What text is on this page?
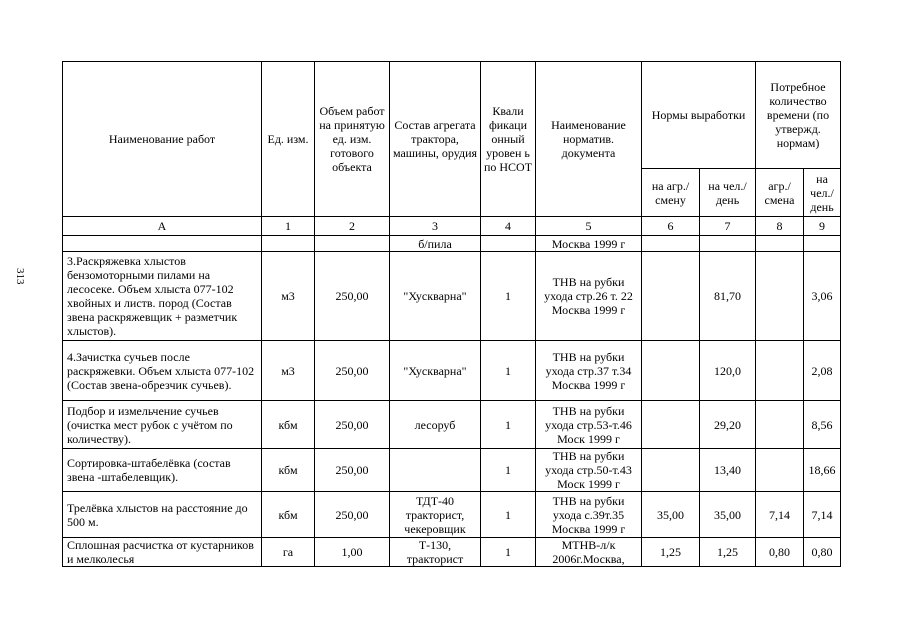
313
Наименование работ	Ед. изм.	Объем работ на принятую ед. изм. готового объекта	Состав агрегата трактора, машины, орудия	Квали фикаци онный уровен ь по НСОТ	Наименование норматив. документа	Нормы выработки		Потребное количество времени (по утвержд. нормам)	
						на агр./ смену	на чел./ день	агр./ смена	на чел./ день
А	1	2	3	4	5	6	7	8	9
			б/пила		Москва 1999 г				
3.Раскряжевка хлыстов бензомоторными пилами на лесосеке. Объем хлыста 077-102 хвойных и листв. пород (Состав звена раскряжевщик + разметчик хлыстов).	м3	250,00	"Хускварна"	1	ТНВ на рубки ухода стр.26 т. 22 Москва 1999 г		81,70		3,06
4.Зачистка сучьев после раскряжевки. Объем хлыста 077-102 (Состав звена-обрезчик сучьев).	м3	250,00	"Хускварна"	1	ТНВ на рубки ухода стр.37 т.34 Москва 1999 г		120,0		2,08
Подбор и измельчение сучьев (очистка мест рубок с учётом по количеству).	кбм	250,00	лесоруб	1	ТНВ на рубки ухода стр.53-т.46 Моск 1999 г		29,20		8,56
Сортировка-штабелёвка (состав звена -штабелевщик).	кбм	250,00		1	ТНВ на рубки ухода стр.50-т.43 Моск 1999 г		13,40		18,66
Трелёвка хлыстов на расстояние до 500 м.	кбм	250,00	ТДТ-40 тракторист, чекеровщик	1	ТНВ на рубки ухода с.39т.35 Москва 1999 г	35,00	35,00	7,14	7,14
Сплошная расчистка от кустарников и мелколесья	га	1,00	Т-130, тракторист	1	МТНВ-л/к 2006г.Москва,	1,25	1,25	0,80	0,80
